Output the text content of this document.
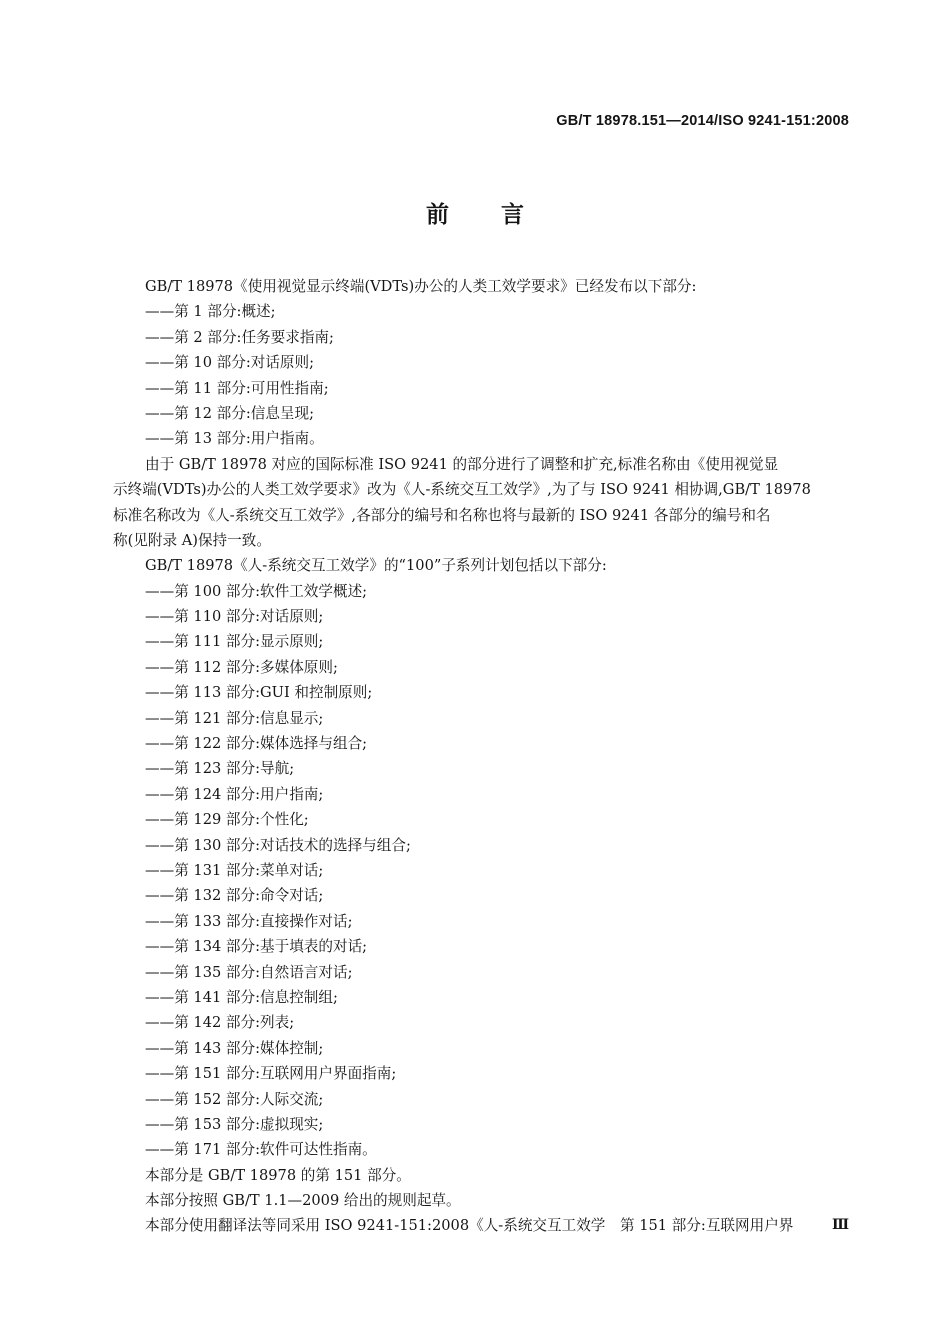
GB/T 18978.151—2014/ISO 9241-151:2008
前言
GB/T 18978《使用视觉显示终端(VDTs)办公的人类工效学要求》已经发布以下部分:
——第 1 部分:概述;
——第 2 部分:任务要求指南;
——第 10 部分:对话原则;
——第 11 部分:可用性指南;
——第 12 部分:信息呈现;
——第 13 部分:用户指南。
由于 GB/T 18978 对应的国际标准 ISO 9241 的部分进行了调整和扩充,标准名称由《使用视觉显
示终端(VDTs)办公的人类工效学要求》改为《人-系统交互工效学》,为了与 ISO 9241 相协调,GB/T 18978
标准名称改为《人-系统交互工效学》,各部分的编号和名称也将与最新的 ISO 9241 各部分的编号和名
称(见附录 A)保持一致。
GB/T 18978《人-系统交互工效学》的“100”子系列计划包括以下部分:
——第 100 部分:软件工效学概述;
——第 110 部分:对话原则;
——第 111 部分:显示原则;
——第 112 部分:多媒体原则;
——第 113 部分:GUI 和控制原则;
——第 121 部分:信息显示;
——第 122 部分:媒体选择与组合;
——第 123 部分:导航;
——第 124 部分:用户指南;
——第 129 部分:个性化;
——第 130 部分:对话技术的选择与组合;
——第 131 部分:菜单对话;
——第 132 部分:命令对话;
——第 133 部分:直接操作对话;
——第 134 部分:基于填表的对话;
——第 135 部分:自然语言对话;
——第 141 部分:信息控制组;
——第 142 部分:列表;
——第 143 部分:媒体控制;
——第 151 部分:互联网用户界面指南;
——第 152 部分:人际交流;
——第 153 部分:虚拟现实;
——第 171 部分:软件可达性指南。
本部分是 GB/T 18978 的第 151 部分。
本部分按照 GB/T 1.1—2009 给出的规则起草。
本部分使用翻译法等同采用 ISO 9241-151:2008《人-系统交互工效学　第 151 部分:互联网用户界	Ⅲ
